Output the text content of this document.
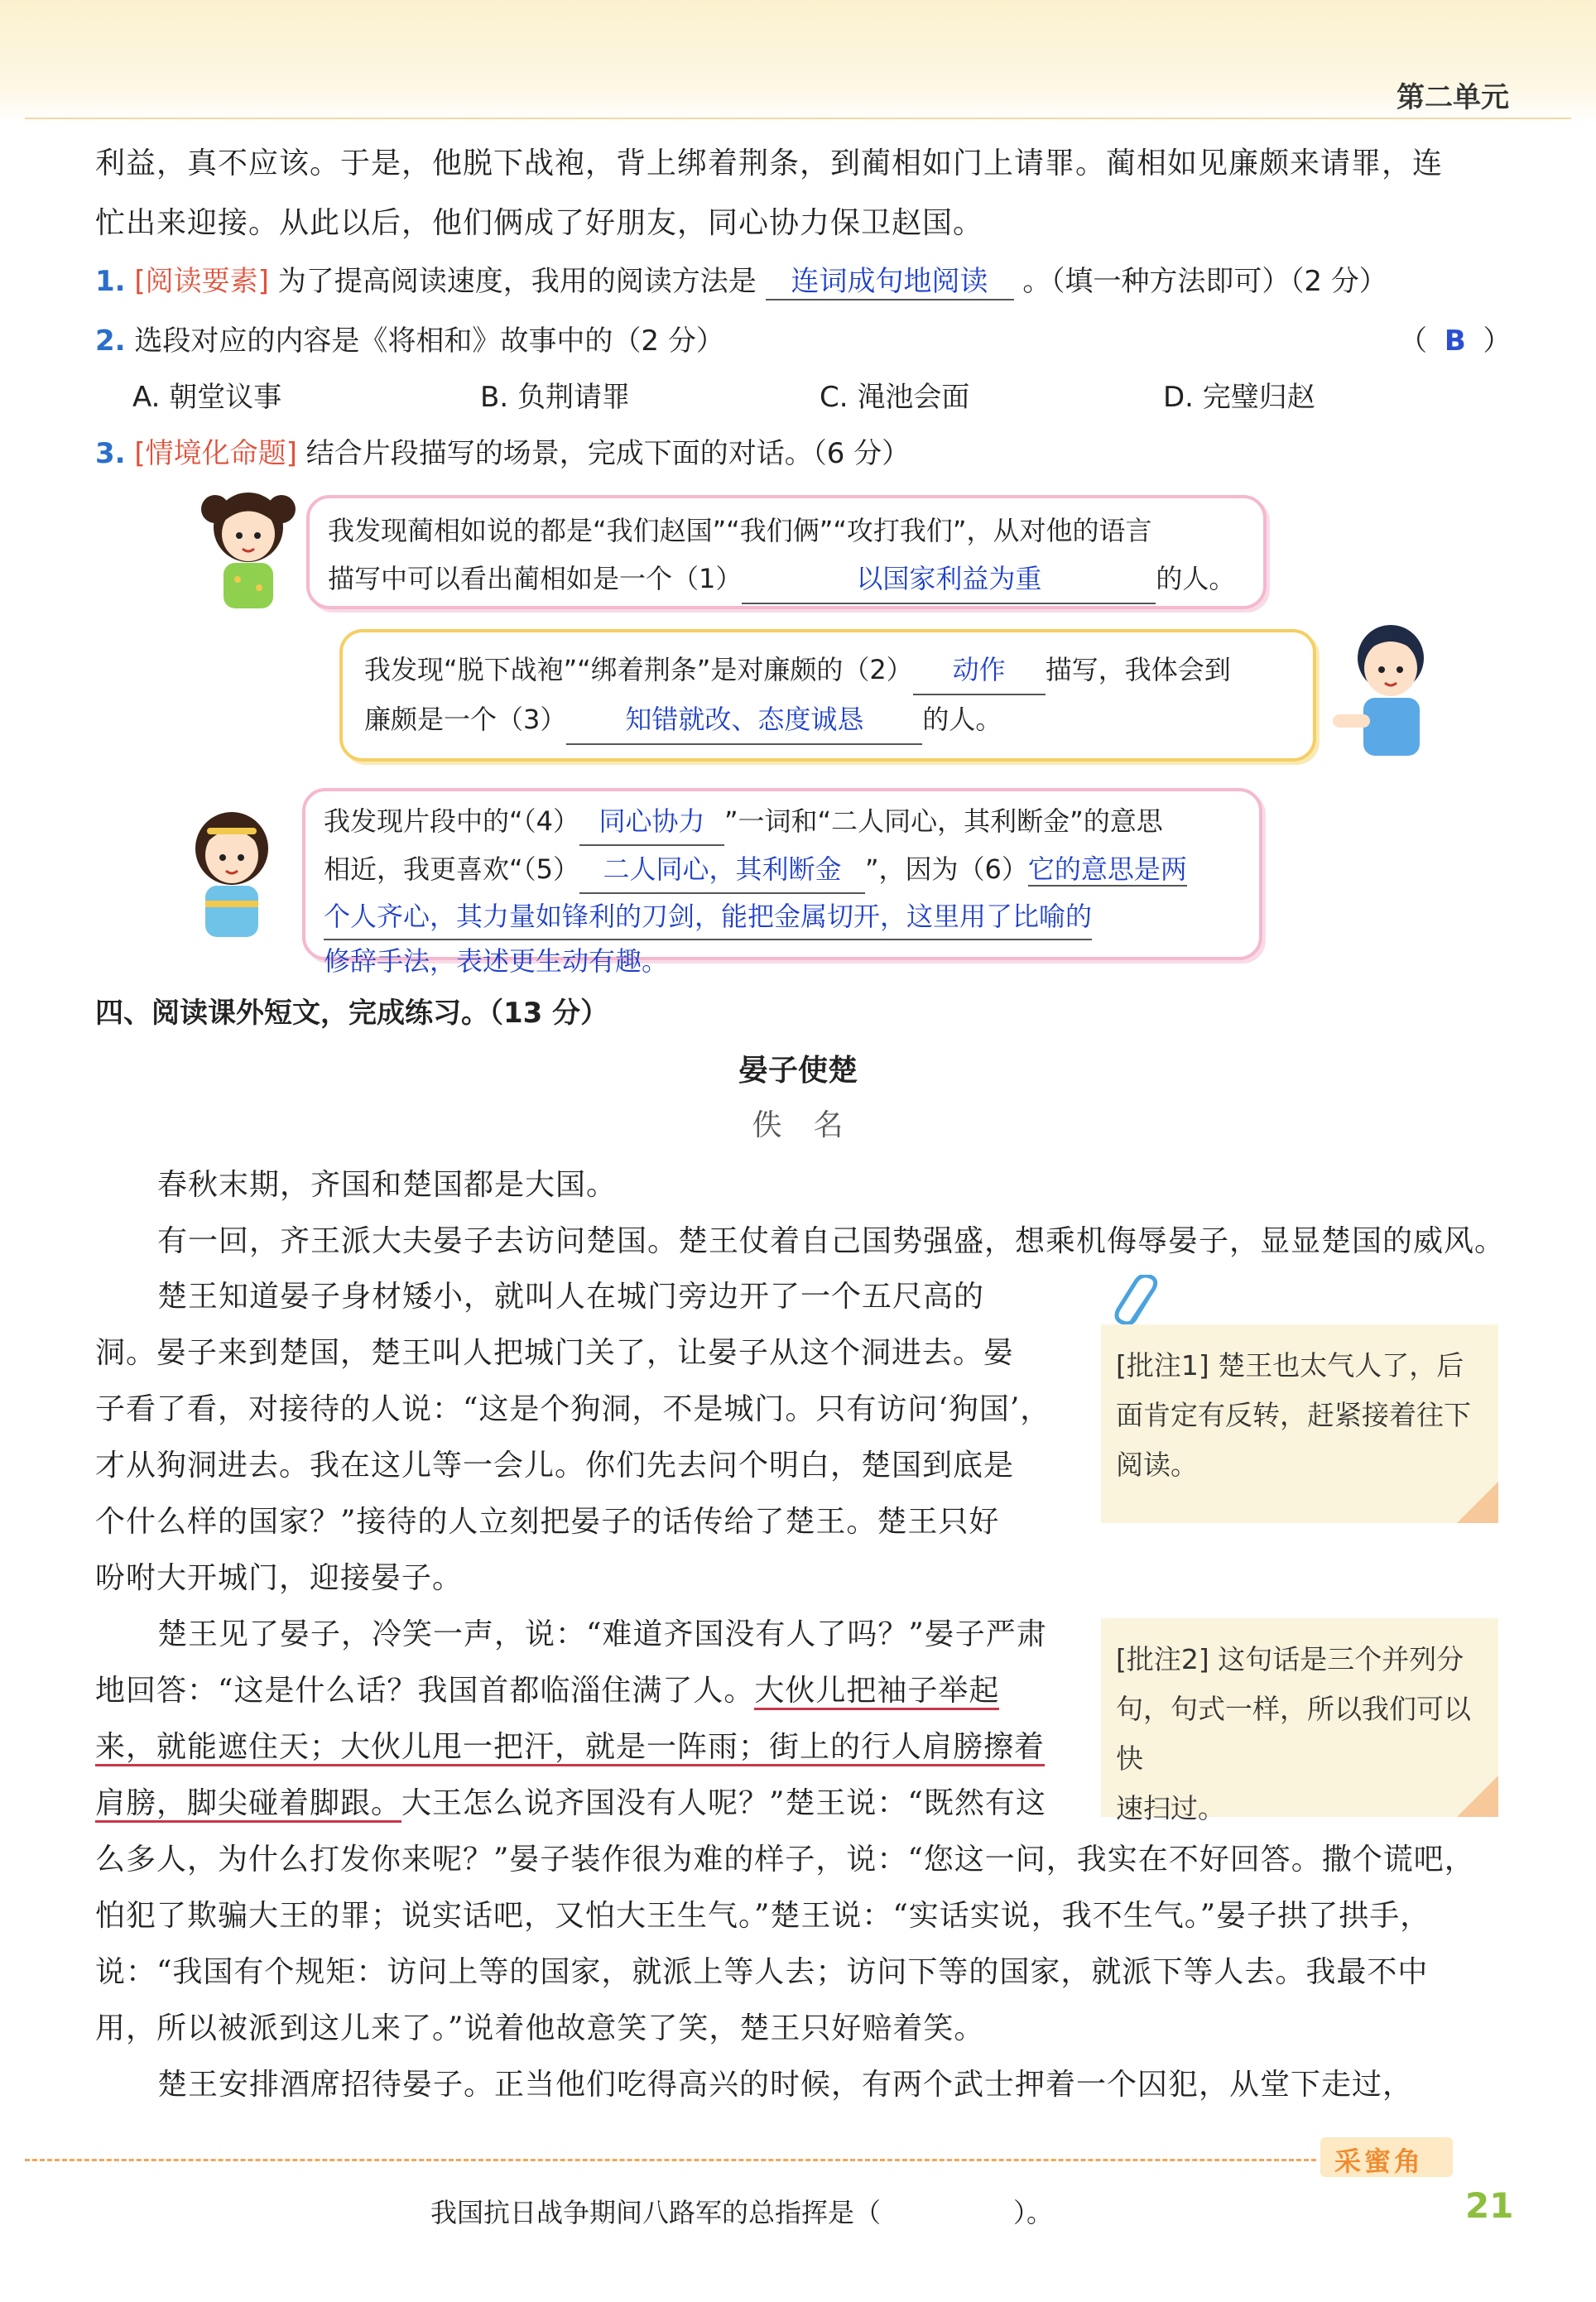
第二单元
利益，真不应该。于是，他脱下战袍，背上绑着荆条，到蔺相如门上请罪。蔺相如见廉颇来请罪，连
忙出来迎接。从此以后，他们俩成了好朋友，同心协力保卫赵国。
1. [阅读要素] 为了提高阅读速度，我用的阅读方法是 连词成句地阅读 。（填一种方法即可）（2 分）
2. 选段对应的内容是《将相和》故事中的（2 分）	（ B ）
A. 朝堂议事	B. 负荆请罪	C. 渑池会面	D. 完璧归赵
3. [情境化命题] 结合片段描写的场景，完成下面的对话。（6 分）
我发现蔺相如说的都是“我们赵国”“我们俩”“攻打我们”，从对他的语言
描写中可以看出蔺相如是一个（1）	以国家利益为重	的人。
我发现“脱下战袍”“绑着荆条”是对廉颇的（2） 动作 描写，我体会到
廉颇是一个（3） 知错就改、态度诚恳 的人。
我发现片段中的“（4） 同心协力 ”一词和“二人同心，其利断金”的意思
相近，我更喜欢“（5） 二人同心，其利断金 ”，因为（6）它的意思是两
个人齐心，其力量如锋利的刀剑，能把金属切开，这里用了比喻的
修辞手法，表述更生动有趣。
四、阅读课外短文，完成练习。（13 分）
晏子使楚
佚　名
春秋末期，齐国和楚国都是大国。
有一回，齐王派大夫晏子去访问楚国。楚王仗着自己国势强盛，想乘机侮辱晏子，显显楚国的威风。
楚王知道晏子身材矮小，就叫人在城门旁边开了一个五尺高的
洞。晏子来到楚国，楚王叫人把城门关了，让晏子从这个洞进去。晏
子看了看，对接待的人说：“这是个狗洞，不是城门。只有访问‘狗国’，
才从狗洞进去。我在这儿等一会儿。你们先去问个明白，楚国到底是
个什么样的国家？”接待的人立刻把晏子的话传给了楚王。楚王只好
吩咐大开城门，迎接晏子。
[批注1] 楚王也太气人了，后
面肯定有反转，赶紧接着往下
阅读。
楚王见了晏子，冷笑一声，说：“难道齐国没有人了吗？”晏子严肃
地回答：“这是什么话？我国首都临淄住满了人。大伙儿把袖子举起
来，就能遮住天；大伙儿甩一把汗，就是一阵雨；街上的行人肩膀擦着
肩膀，脚尖碰着脚跟。大王怎么说齐国没有人呢？”楚王说：“既然有这
[批注2] 这句话是三个并列分
句，句式一样，所以我们可以快
速扫过。
么多人，为什么打发你来呢？”晏子装作很为难的样子，说：“您这一问，我实在不好回答。撒个谎吧，
怕犯了欺骗大王的罪；说实话吧，又怕大王生气。”楚王说：“实话实说，我不生气。”晏子拱了拱手，
说：“我国有个规矩：访问上等的国家，就派上等人去；访问下等的国家，就派下等人去。我最不中
用，所以被派到这儿来了。”说着他故意笑了笑，楚王只好赔着笑。
楚王安排酒席招待晏子。正当他们吃得高兴的时候，有两个武士押着一个囚犯，从堂下走过，
采蜜角
我国抗日战争期间八路军的总指挥是（　　　　　）。	21
